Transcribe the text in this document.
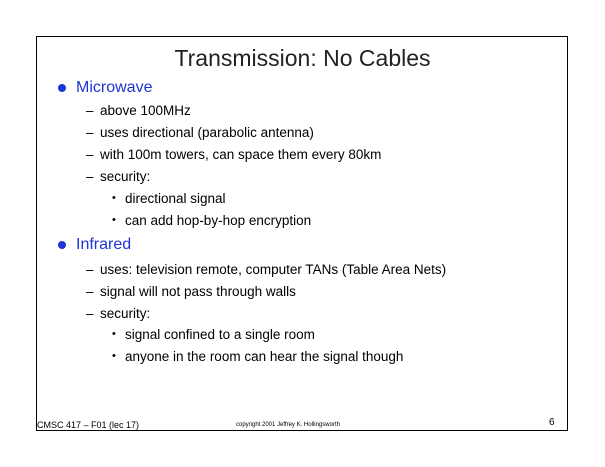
Transmission: No Cables
Microwave
– above 100MHz
– uses directional (parabolic antenna)
– with 100m towers, can space them every 80km
– security:
• directional signal
• can add hop-by-hop encryption
Infrared
– uses: television remote, computer TANs (Table Area Nets)
– signal will not pass through walls
– security:
• signal confined to a single room
• anyone in the room can hear the signal though
CMSC 417 – F01 (lec 17)	copyright 2001 Jeffrey K. Hollingsworth	6
